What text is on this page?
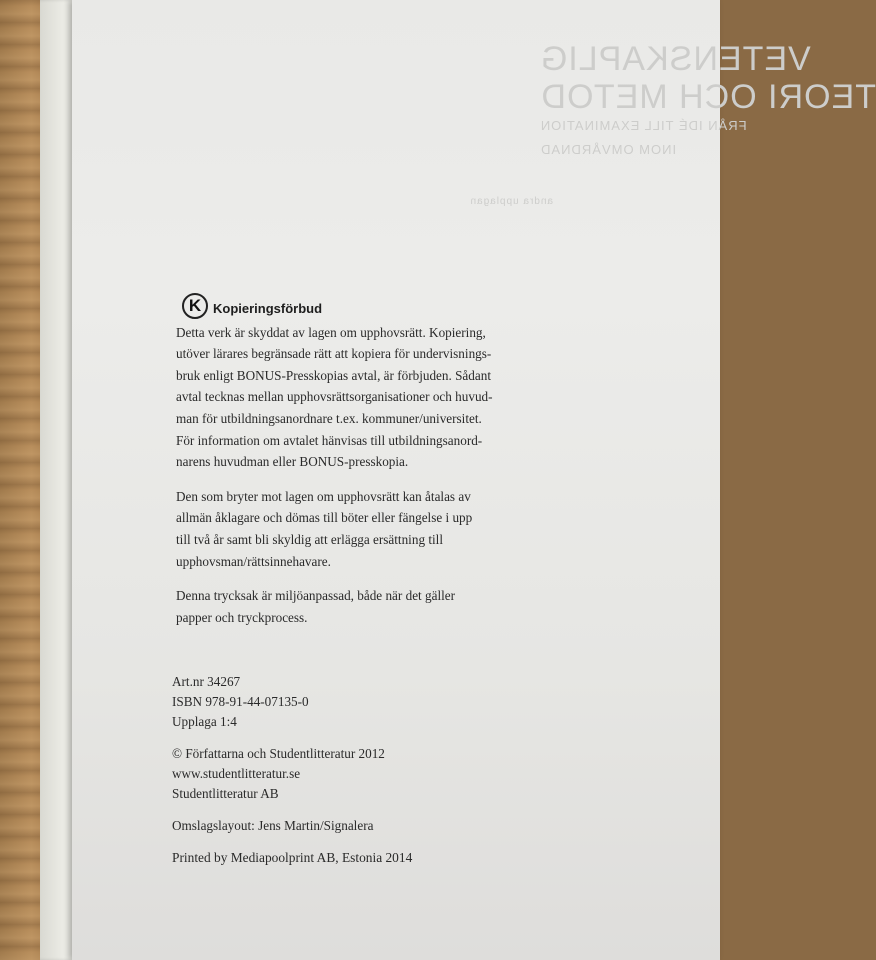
VETENSKAPLIG
TEORI OCH METOD
FRÅN IDÉ TILL EXAMINATION
INOM OMVÅRDNAD
andra upplagan
K Kopieringsförbud

Detta verk är skyddat av lagen om upphovsrätt. Kopiering,

utöver lärares begränsade rätt att kopiera för undervisnings-

bruk enligt BONUS-Presskopias avtal, är förbjuden. Sådant

avtal tecknas mellan upphovsrättsorganisationer och huvud-

man för utbildningsanordnare t.ex. kommuner/universitet.

För information om avtalet hänvisas till utbildningsanord-

narens huvudman eller BONUS-presskopia.

Den som bryter mot lagen om upphovsrätt kan åtalas av

allmän åklagare och dömas till böter eller fängelse i upp

till två år samt bli skyldig att erlägga ersättning till

upphovsman/rättsinnehavare.

Denna trycksak är miljöanpassad, både när det gäller

papper och tryckprocess.

Art.nr 34267

ISBN 978-91-44-07135-0

Upplaga 1:4

© Författarna och Studentlitteratur 2012

www.studentlitteratur.se

Studentlitteratur AB

Omslagslayout: Jens Martin/Signalera

Printed by Mediapoolprint AB, Estonia 2014
